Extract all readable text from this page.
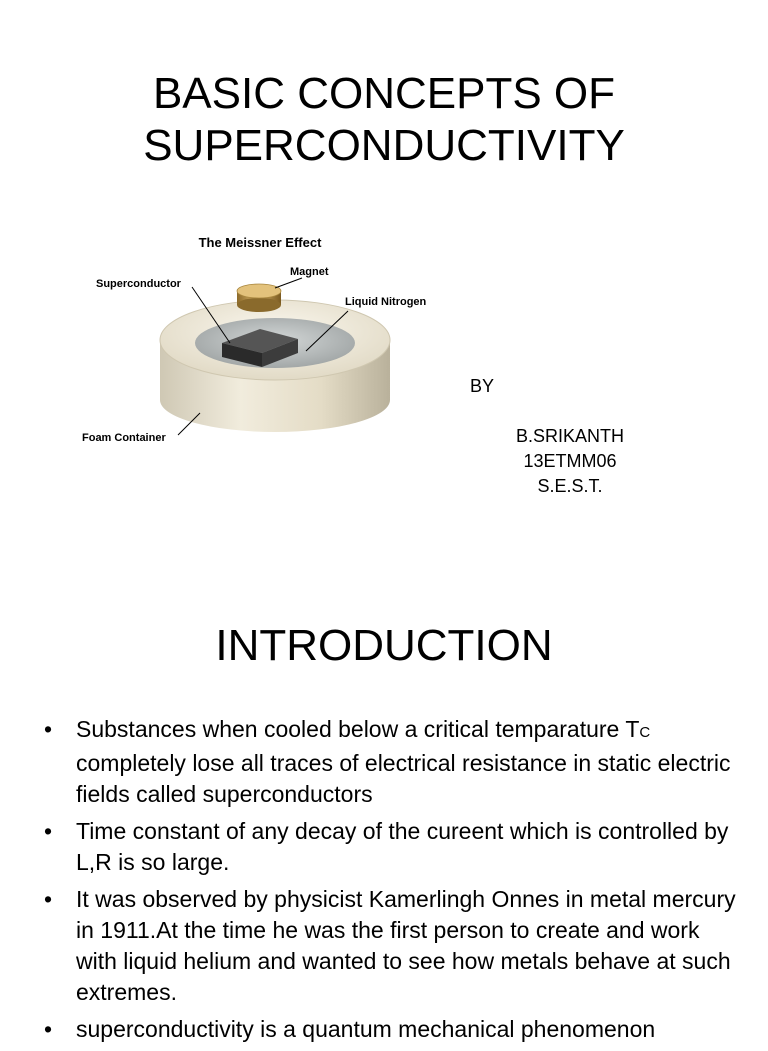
BASIC CONCEPTS OF
SUPERCONDUCTIVITY
The Meissner Effect
Superconductor
Magnet
Liquid Nitrogen
Foam Container
BY
B.SRIKANTH
13ETMM06
S.E.S.T.
INTRODUCTION
• Substances when cooled below a critical temparature TC completely lose all traces of electrical resistance in static electric fields called superconductors
• Time constant of any decay of the cureent which is controlled by L,R is so large.
• It was observed by physicist Kamerlingh Onnes in metal mercury in 1911.At the time he was the first person to create and work with liquid helium and wanted to see how metals behave at such extremes.
• superconductivity is a quantum mechanical phenomenon
